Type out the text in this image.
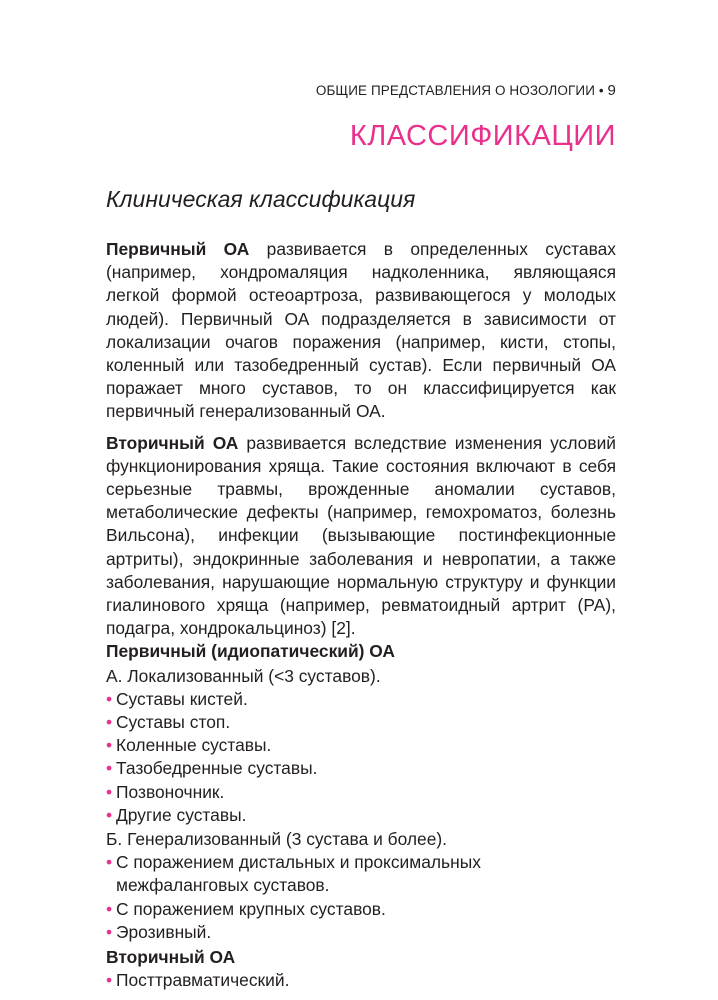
ОБЩИЕ ПРЕДСТАВЛЕНИЯ О НОЗОЛОГИИ • 9
КЛАССИФИКАЦИИ
Клиническая классификация

Первичный ОА развивается в определенных суставах (например, хондромаляция надколенника, являющаяся легкой формой остеоартроза, развивающегося у молодых людей). Первичный ОА подразделяется в зависимости от локализации очагов поражения (например, кисти, стопы, коленный или тазобедренный сустав). Если первичный ОА поражает много суставов, то он классифицируется как первичный генерализованный ОА.

Вторичный ОА развивается вследствие изменения условий функционирования хряща. Такие состояния включают в себя серьезные травмы, врожденные аномалии суставов, метаболические дефекты (например, гемохроматоз, болезнь Вильсона), инфекции (вызывающие постинфекционные артриты), эндокринные заболевания и невропатии, а также заболевания, нарушающие нормальную структуру и функции гиалинового хряща (например, ревматоидный артрит (РА), подагра, хондрокальциноз) [2].

Первичный (идиопатический) ОА

А. Локализованный (<3 суставов).

• Суставы кистей.
• Суставы стоп.
• Коленные суставы.
• Тазобедренные суставы.
• Позвоночник.
• Другие суставы.

Б. Генерализованный (3 сустава и более).

• С поражением дистальных и проксимальных межфаланговых суставов.
• С поражением крупных суставов.
• Эрозивный.

Вторичный ОА

• Посттравматический.
